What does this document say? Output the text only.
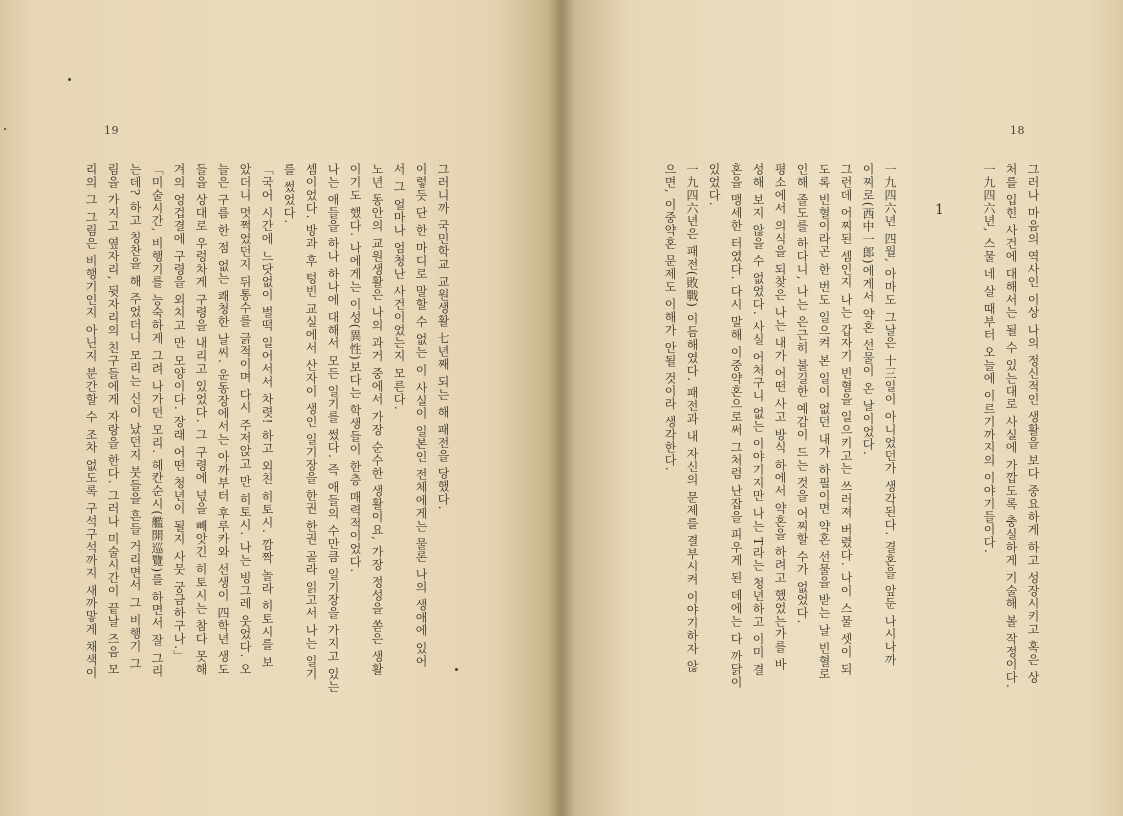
19	18
1	그러나 마음의 역사인 이상 나의 정신적인 생활을 보다 중요하게 하고 성장시키고 혹은 상
처를 입힌 사건에 대해서는 될 수 있는대로 사실에 가깝도록 충실하게 기술해 볼 작정이다.
一九四六년, 스물 네 살 때부터 오늘에 이르기까지의 이야기들이다.
一九四六년 四월, 아마도 그날은 十三일이 아니었던가 생각된다. 결혼을 앞둔 나시나까
이찌로(西中一郎)에게서 약혼 선물이 온 날이었다.
그런데 어찌된 셈인지 나는 갑자기 빈혈을 일으키고는 쓰러져 버렸다. 나이 스물 셋이 되
도록 빈혈이라곤 한 번도 일으켜 본 일이 없던 내가 하필이면 약혼 선물을 받는 날 빈혈로
인해 졸도를 하다니, 나는 은근히 불길한 예감이 드는 것을 어찌할 수가 없었다.
평소에서 의식을 되찾은 나는 내가 어떤 사고 방식 하에서 약혼을 하려고 했었는가를 바
성해 보지 않을 수 없었다. 사실 어처구니 없는 이야기지만 나는 T라는 청년하고 이미 결
혼을 맹세한 터였다. 다시 말해 이중약혼으로써 그처럼 난잡을 피우게 된 데에는 다 까닭이
있었다.
一九四六년은 패전(敗戰) 이듬해였다. 패전과 내 자신의 문제를 결부시켜 이야기하자 않
으면, 이중약혼 문제도 이해가 안될 것이라 생각한다.
그러니까 국민학교 교원생활 七년째 되는 해 패전을 당했다.
이렇듯 단 한 마디로 말할 수 없는 이 사실이 일본인 전체에게는 물론 나의 생애에 있어
서 그 얼마나 엄청난 사건이었는지 모른다.
노년 동안의 교원생활은 나의 과거 중에서 가장 순수한 생활이요, 가장 정성을 쏟은 생활
이기도 했다. 나에게는 이성(異性)보다는 학생들이 한층 매력적이었다.
나는 애들을 하나 하나에 대해서 모든 일기를 썼다. 즉 애들의 수만큼 일기장을 가지고 있는
셈이었다. 방과 후 텅빈 교실에서 산자이 생인 일기장을 한권 한권 골라 읽고서 나는 일기
를 썼었다.
「국어 시간에 느닷없이 벌떡 일어서서 차렷! 하고 외친 히토시. 깜짝 놀라 히토시를 보
았더니 멋쩍었던지 뒤통수를 긁적이며 다시 주저앉고 만 히토시. 나는 빙그레 웃었다. 오
늘은 구름 한 점 없는 쾌청한 날씨. 운동장에서는 아까부터 후루카와 선생이 四학년 생도
들을 상대로 우렁차게 구령을 내리고 있었다. 그 구령에 넋을 빼앗긴 히토시는 참다 못해
겨의 엉겁결에 구령을 외치고 만 모양이다. 장래 어떤 청년이 될지 사뭇 궁금하구나.」
「미술시간, 비행기를 능숙하게 그려 나가던 모리. 헤칸순시(艦開巡覽)를 하면서 잘 그리
는데? 하고 칭찬을 해 주었더니 모리는 신이 났던지 붓들을 흔들 거리면서 그 비행기 그
림을 가지고 옆자리, 뒷자리의 친구들에게 자랑을 한다. 그러나 미술시간이 끝날 즈음 모
리의 그 그림은 비행기인지 아닌지 분간할 수 조차 없도록 구석구석까지 새까맣게 채색이
